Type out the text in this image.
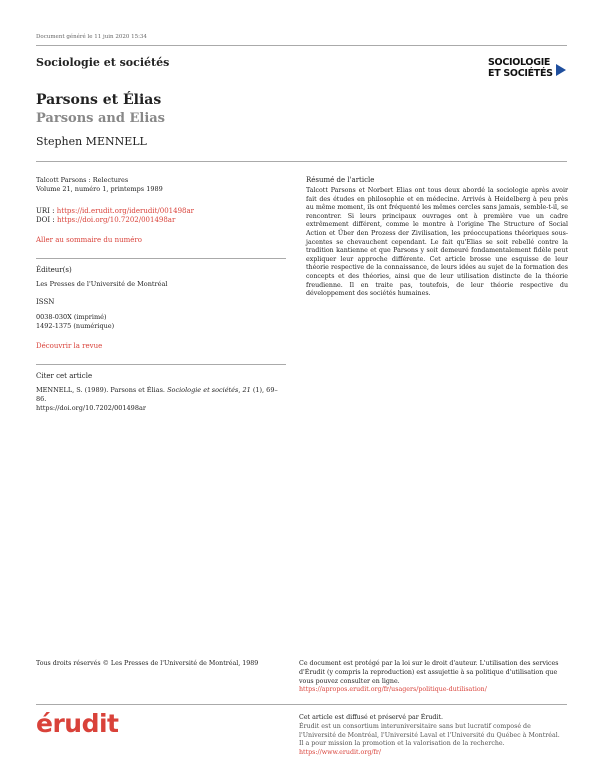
Document généré le 11 juin 2020 15:34
Sociologie et sociétés	SOCIOLOGIE
ET SOCIÉTÉS
Parsons et Élias
Parsons and Elias
Stephen MENNELL
Talcott Parsons : Relectures
Volume 21, numéro 1, printemps 1989
URI : https://id.erudit.org/iderudit/001498ar
DOI : https://doi.org/10.7202/001498ar
Aller au sommaire du numéro
Éditeur(s)
Les Presses de l'Université de Montréal
ISSN
0038-030X (imprimé)
1492-1375 (numérique)
Découvrir la revue
Citer cet article
MENNELL, S. (1989). Parsons et Élias. Sociologie et sociétés, 21 (1), 69–86.
https://doi.org/10.7202/001498ar
Résumé de l'article
Talcott Parsons et Norbert Elias ont tous deux abordé la sociologie après avoir fait des études en philosophie et en médecine. Arrivés à Heidelberg à peu près au même moment, ils ont fréquenté les mêmes cercles sans jamais, semble-t-il, se rencontrer. Si leurs principaux ouvrages ont à première vue un cadre extrêmement différent, comme le montre à l'origine The Structure of Social Action et Über den Prozess der Zivilisation, les préoccupations théoriques sous-jacentes se chevauchent cependant. Le fait qu'Elias se soit rebellé contre la tradition kantienne et que Parsons y soit demeuré fondamentalement fidèle peut expliquer leur approche différente. Cet article brosse une esquisse de leur théorie respective de la connaissance, de leurs idées au sujet de la formation des concepts et des théories, ainsi que de leur utilisation distincte de la théorie freudienne. Il en traite pas, toutefois, de leur théorie respective du développement des sociétés humaines.
Tous droits réservés © Les Presses de l'Université de Montréal, 1989	Ce document est protégé par la loi sur le droit d'auteur. L'utilisation des services d'Érudit (y compris la reproduction) est assujettie à sa politique d'utilisation que vous pouvez consulter en ligne.
https://apropos.erudit.org/fr/usagers/politique-dutilisation/
érudit	Cet article est diffusé et préservé par Érudit.
Érudit est un consortium interuniversitaire sans but lucratif composé de l'Université de Montréal, l'Université Laval et l'Université du Québec à Montréal. Il a pour mission la promotion et la valorisation de la recherche.
https://www.erudit.org/fr/
